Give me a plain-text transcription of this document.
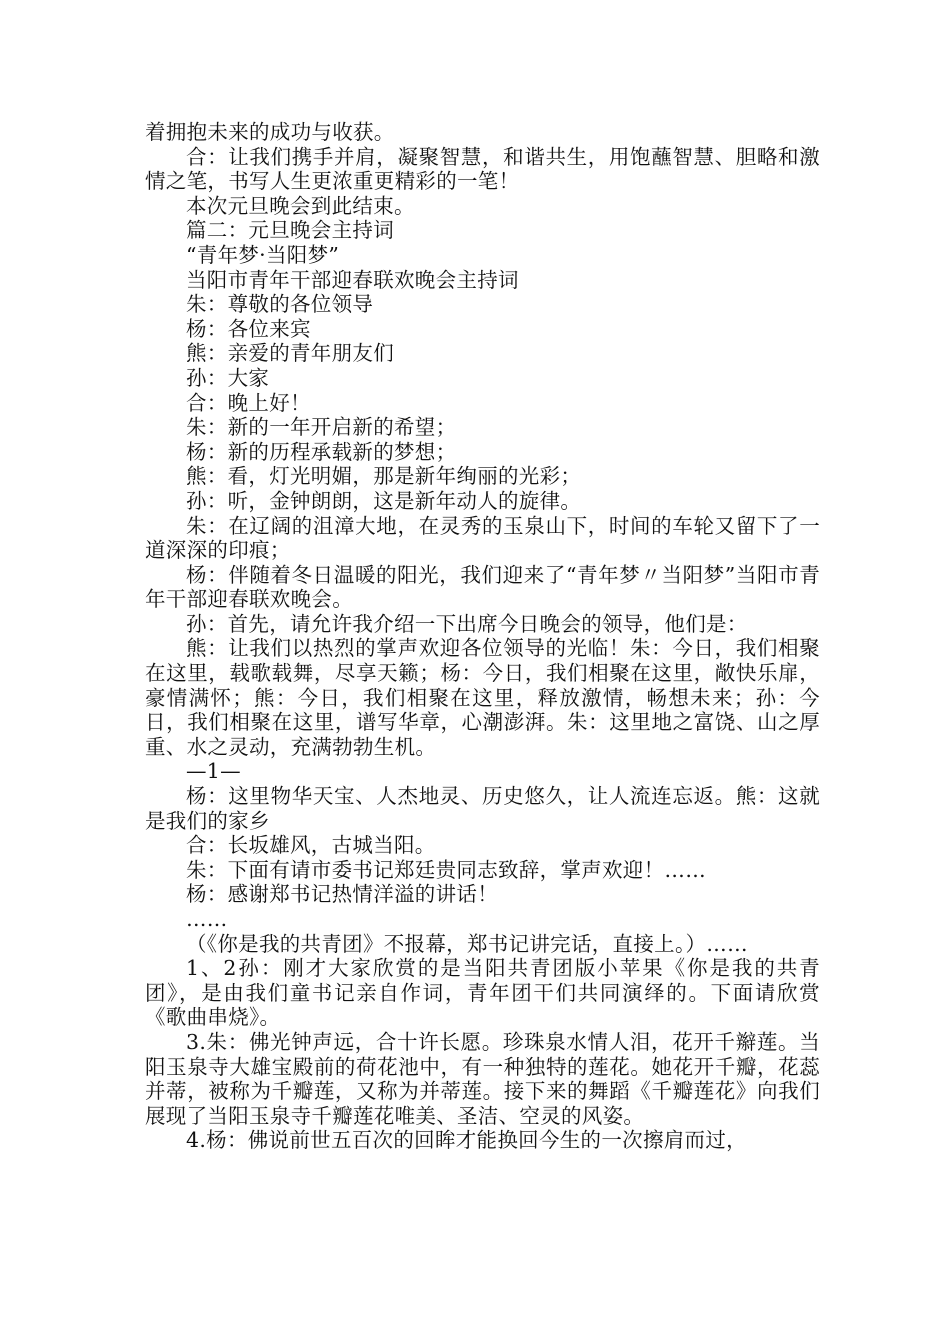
着拥抱未来的成功与收获。

合：让我们携手并肩，凝聚智慧，和谐共生，用饱蘸智慧、胆略和激情之笔，书写人生更浓重更精彩的一笔！

本次元旦晚会到此结束。

篇二：元旦晚会主持词

“青年梦·当阳梦”

当阳市青年干部迎春联欢晚会主持词

朱：尊敬的各位领导

杨：各位来宾

熊：亲爱的青年朋友们

孙：大家

合：晚上好！

朱：新的一年开启新的希望；

杨：新的历程承载新的梦想；

熊：看，灯光明媚，那是新年绚丽的光彩；

孙：听，金钟朗朗，这是新年动人的旋律。

朱：在辽阔的沮漳大地，在灵秀的玉泉山下，时间的车轮又留下了一道深深的印痕；

杨：伴随着冬日温暖的阳光，我们迎来了“青年梦〃当阳梦”当阳市青年干部迎春联欢晚会。

孙：首先，请允许我介绍一下出席今日晚会的领导，他们是：

熊：让我们以热烈的掌声欢迎各位领导的光临！朱：今日，我们相聚在这里，载歌载舞，尽享天籁；杨：今日，我们相聚在这里，敞快乐扉，豪情满怀；熊：今日，我们相聚在这里，释放激情，畅想未来；孙：今日，我们相聚在这里，谱写华章，心潮澎湃。朱：这里地之富饶、山之厚重、水之灵动，充满勃勃生机。

—1—

杨：这里物华天宝、人杰地灵、历史悠久，让人流连忘返。熊：这就是我们的家乡

合：长坂雄风，古城当阳。

朱：下面有请市委书记郑廷贵同志致辞，掌声欢迎！……

杨：感谢郑书记热情洋溢的讲话！

……

（《你是我的共青团》不报幕，郑书记讲完话，直接上。）……

1、2孙：刚才大家欣赏的是当阳共青团版小苹果《你是我的共青团》，是由我们童书记亲自作词，青年团干们共同演绎的。下面请欣赏《歌曲串烧》。

3.朱：佛光钟声远，合十许长愿。珍珠泉水情人泪，花开千辮莲。当阳玉泉寺大雄宝殿前的荷花池中，有一种独特的莲花。她花开千瓣，花蕊并蒂，被称为千瓣莲，又称为并蒂莲。接下来的舞蹈《千瓣莲花》向我们展现了当阳玉泉寺千瓣莲花唯美、圣洁、空灵的风姿。

4.杨：佛说前世五百次的回眸才能换回今生的一次擦肩而过，
